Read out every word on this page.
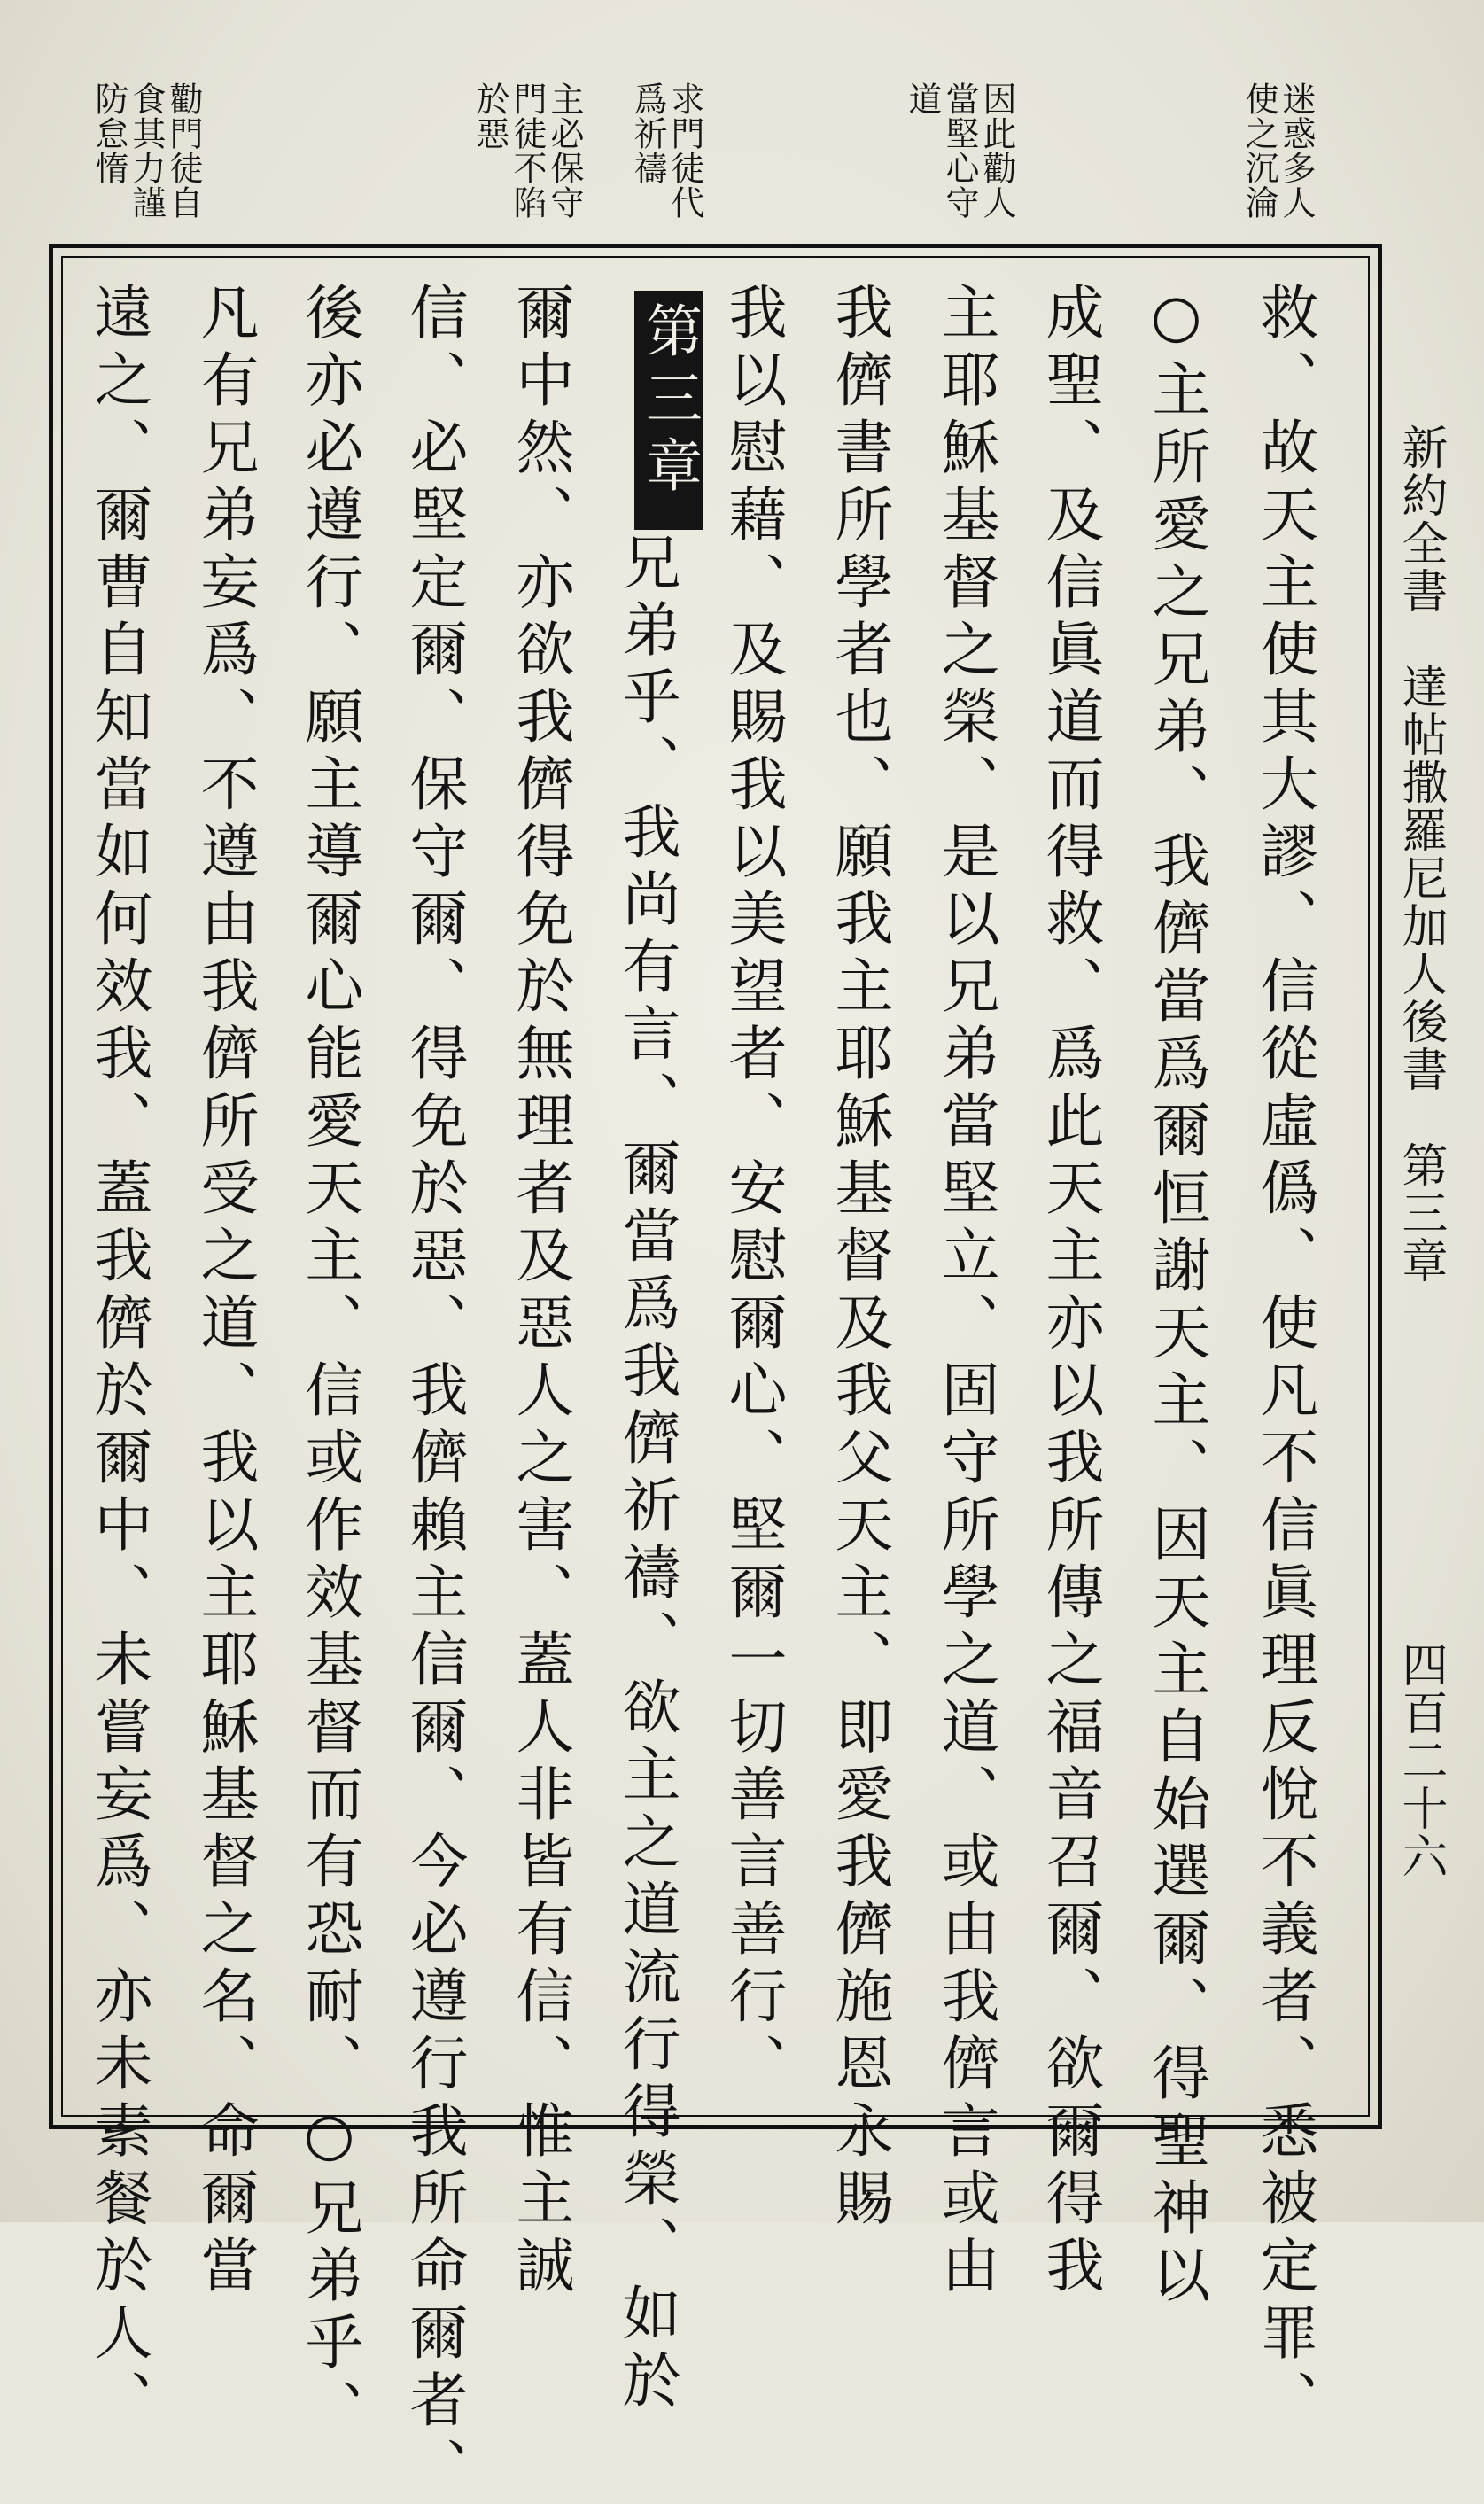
迷惑多人
使之沉淪
因此勸人
當堅心守
道
求門徒代
爲祈禱
主必保守
門徒不陷
於惡
勸門徒自
食其力謹
防怠惰
新約全書　達帖撒羅尼加人後書　第三章
四百二十六
救、故天主使其大謬、信從虛僞、使凡不信眞理反悅不義者、悉被定罪、
○主所愛之兄弟、我儕當爲爾恒謝天主、因天主自始選爾、得聖神以
成聖、及信眞道而得救、爲此天主亦以我所傳之福音召爾、欲爾得我
主耶穌基督之榮、是以兄弟當堅立、固守所學之道、或由我儕言或由
我儕書所學者也、願我主耶穌基督及我父天主、即愛我儕施恩永賜
我以慰藉、及賜我以美望者、安慰爾心、堅爾一切善言善行、
第三章
兄弟乎、我尚有言、爾當爲我儕祈禱、欲主之道流行得榮、如於
爾中然、亦欲我儕得免於無理者及惡人之害、蓋人非皆有信、惟主誠
信、必堅定爾、保守爾、得免於惡、我儕賴主信爾、今必遵行我所命爾者、
後亦必遵行、願主導爾心能愛天主、信或作效基督而有恐耐、○兄弟乎、
凡有兄弟妄爲、不遵由我儕所受之道、我以主耶穌基督之名、命爾當
遠之、爾曹自知當如何效我、蓋我儕於爾中、未嘗妄爲、亦未素餐於人、
